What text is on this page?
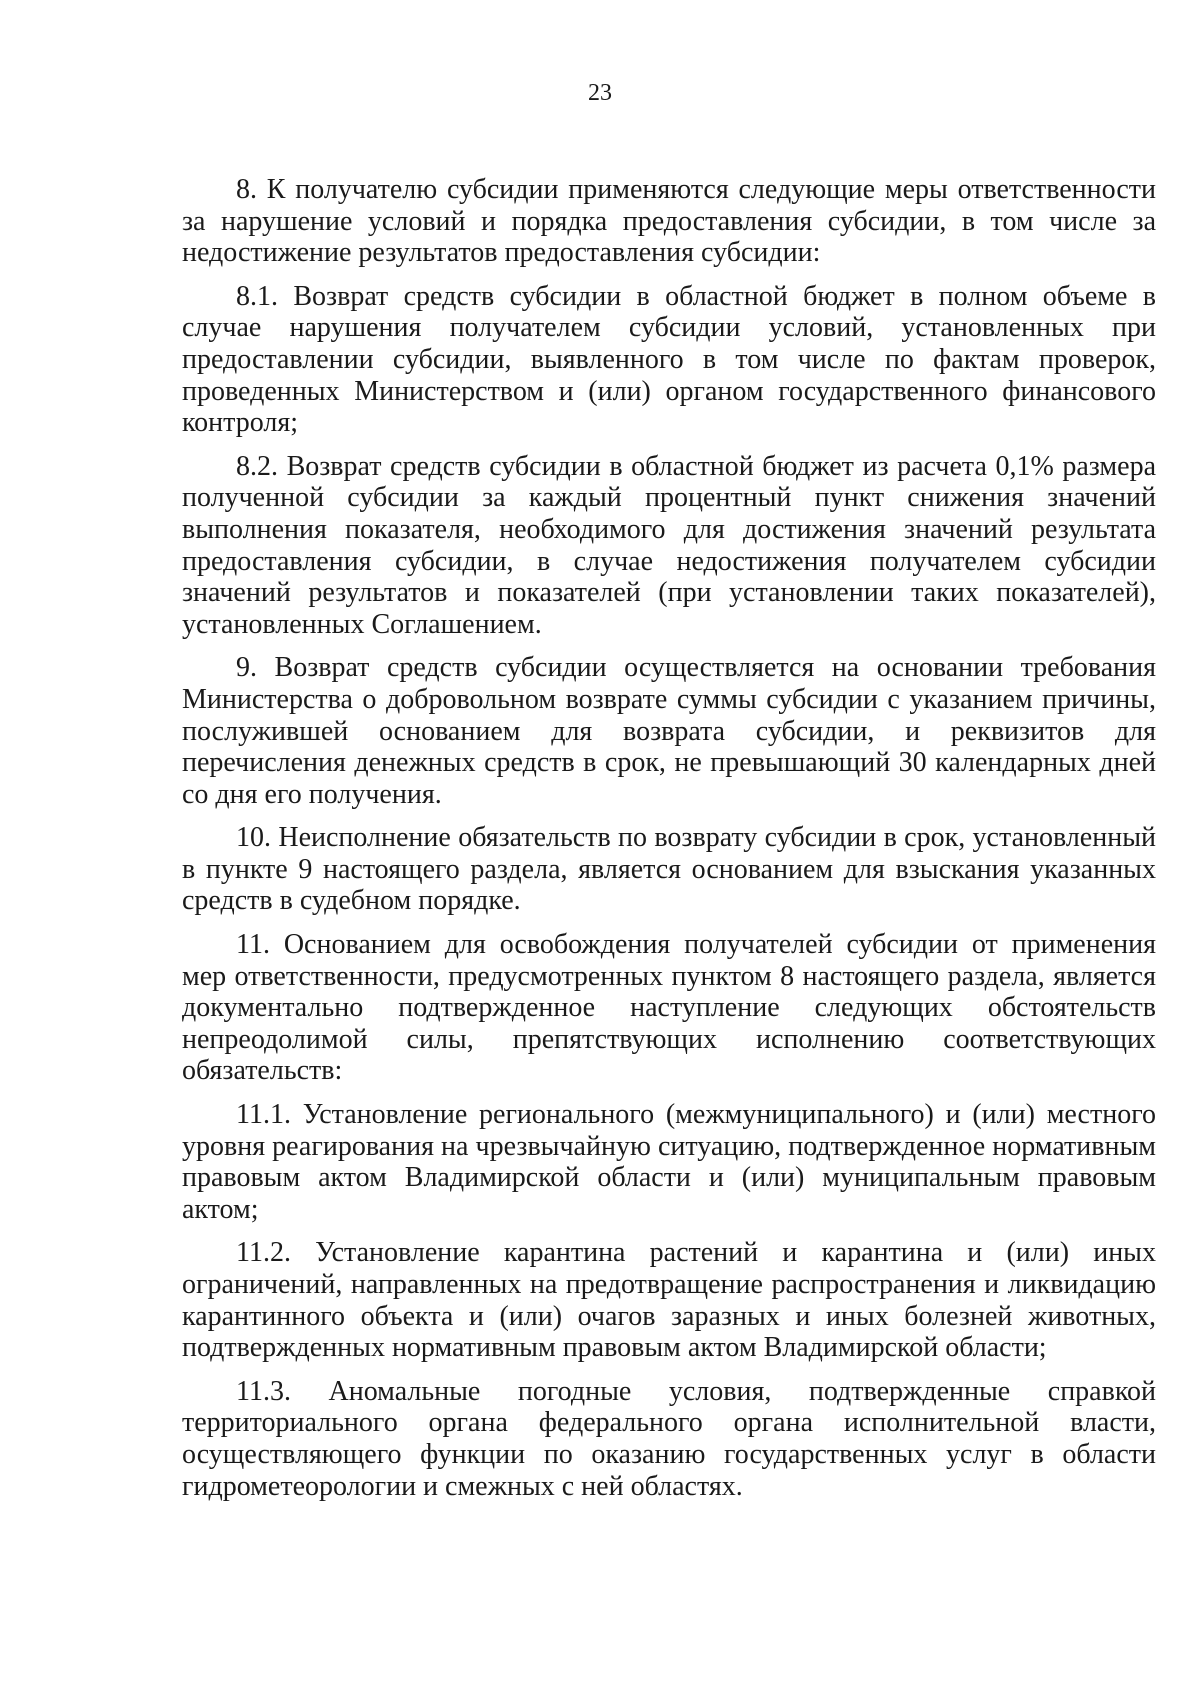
23

8. К получателю субсидии применяются следующие меры ответственности за нарушение условий и порядка предоставления субсидии, в том числе за недостижение результатов предоставления субсидии:

8.1. Возврат средств субсидии в областной бюджет в полном объеме в случае нарушения получателем субсидии условий, установленных при предоставлении субсидии, выявленного в том числе по фактам проверок, проведенных Министерством и (или) органом государственного финансового контроля;

8.2. Возврат средств субсидии в областной бюджет из расчета 0,1% размера полученной субсидии за каждый процентный пункт снижения значений выполнения показателя, необходимого для достижения значений результата предоставления субсидии, в случае недостижения получателем субсидии значений результатов и показателей (при установлении таких показателей), установленных Соглашением.

9. Возврат средств субсидии осуществляется на основании требования Министерства о добровольном возврате суммы субсидии с указанием причины, послужившей основанием для возврата субсидии, и реквизитов для перечисления денежных средств в срок, не превышающий 30 календарных дней со дня его получения.

10. Неисполнение обязательств по возврату субсидии в срок, установленный в пункте 9 настоящего раздела, является основанием для взыскания указанных средств в судебном порядке.

11. Основанием для освобождения получателей субсидии от применения мер ответственности, предусмотренных пунктом 8 настоящего раздела, является документально подтвержденное наступление следующих обстоятельств непреодолимой силы, препятствующих исполнению соответствующих обязательств:

11.1. Установление регионального (межмуниципального) и (или) местного уровня реагирования на чрезвычайную ситуацию, подтвержденное нормативным правовым актом Владимирской области и (или) муниципальным правовым актом;

11.2. Установление карантина растений и карантина и (или) иных ограничений, направленных на предотвращение распространения и ликвидацию карантинного объекта и (или) очагов заразных и иных болезней животных, подтвержденных нормативным правовым актом Владимирской области;

11.3. Аномальные погодные условия, подтвержденные справкой территориального органа федерального органа исполнительной власти, осуществляющего функции по оказанию государственных услуг в области гидрометеорологии и смежных с ней областях.
